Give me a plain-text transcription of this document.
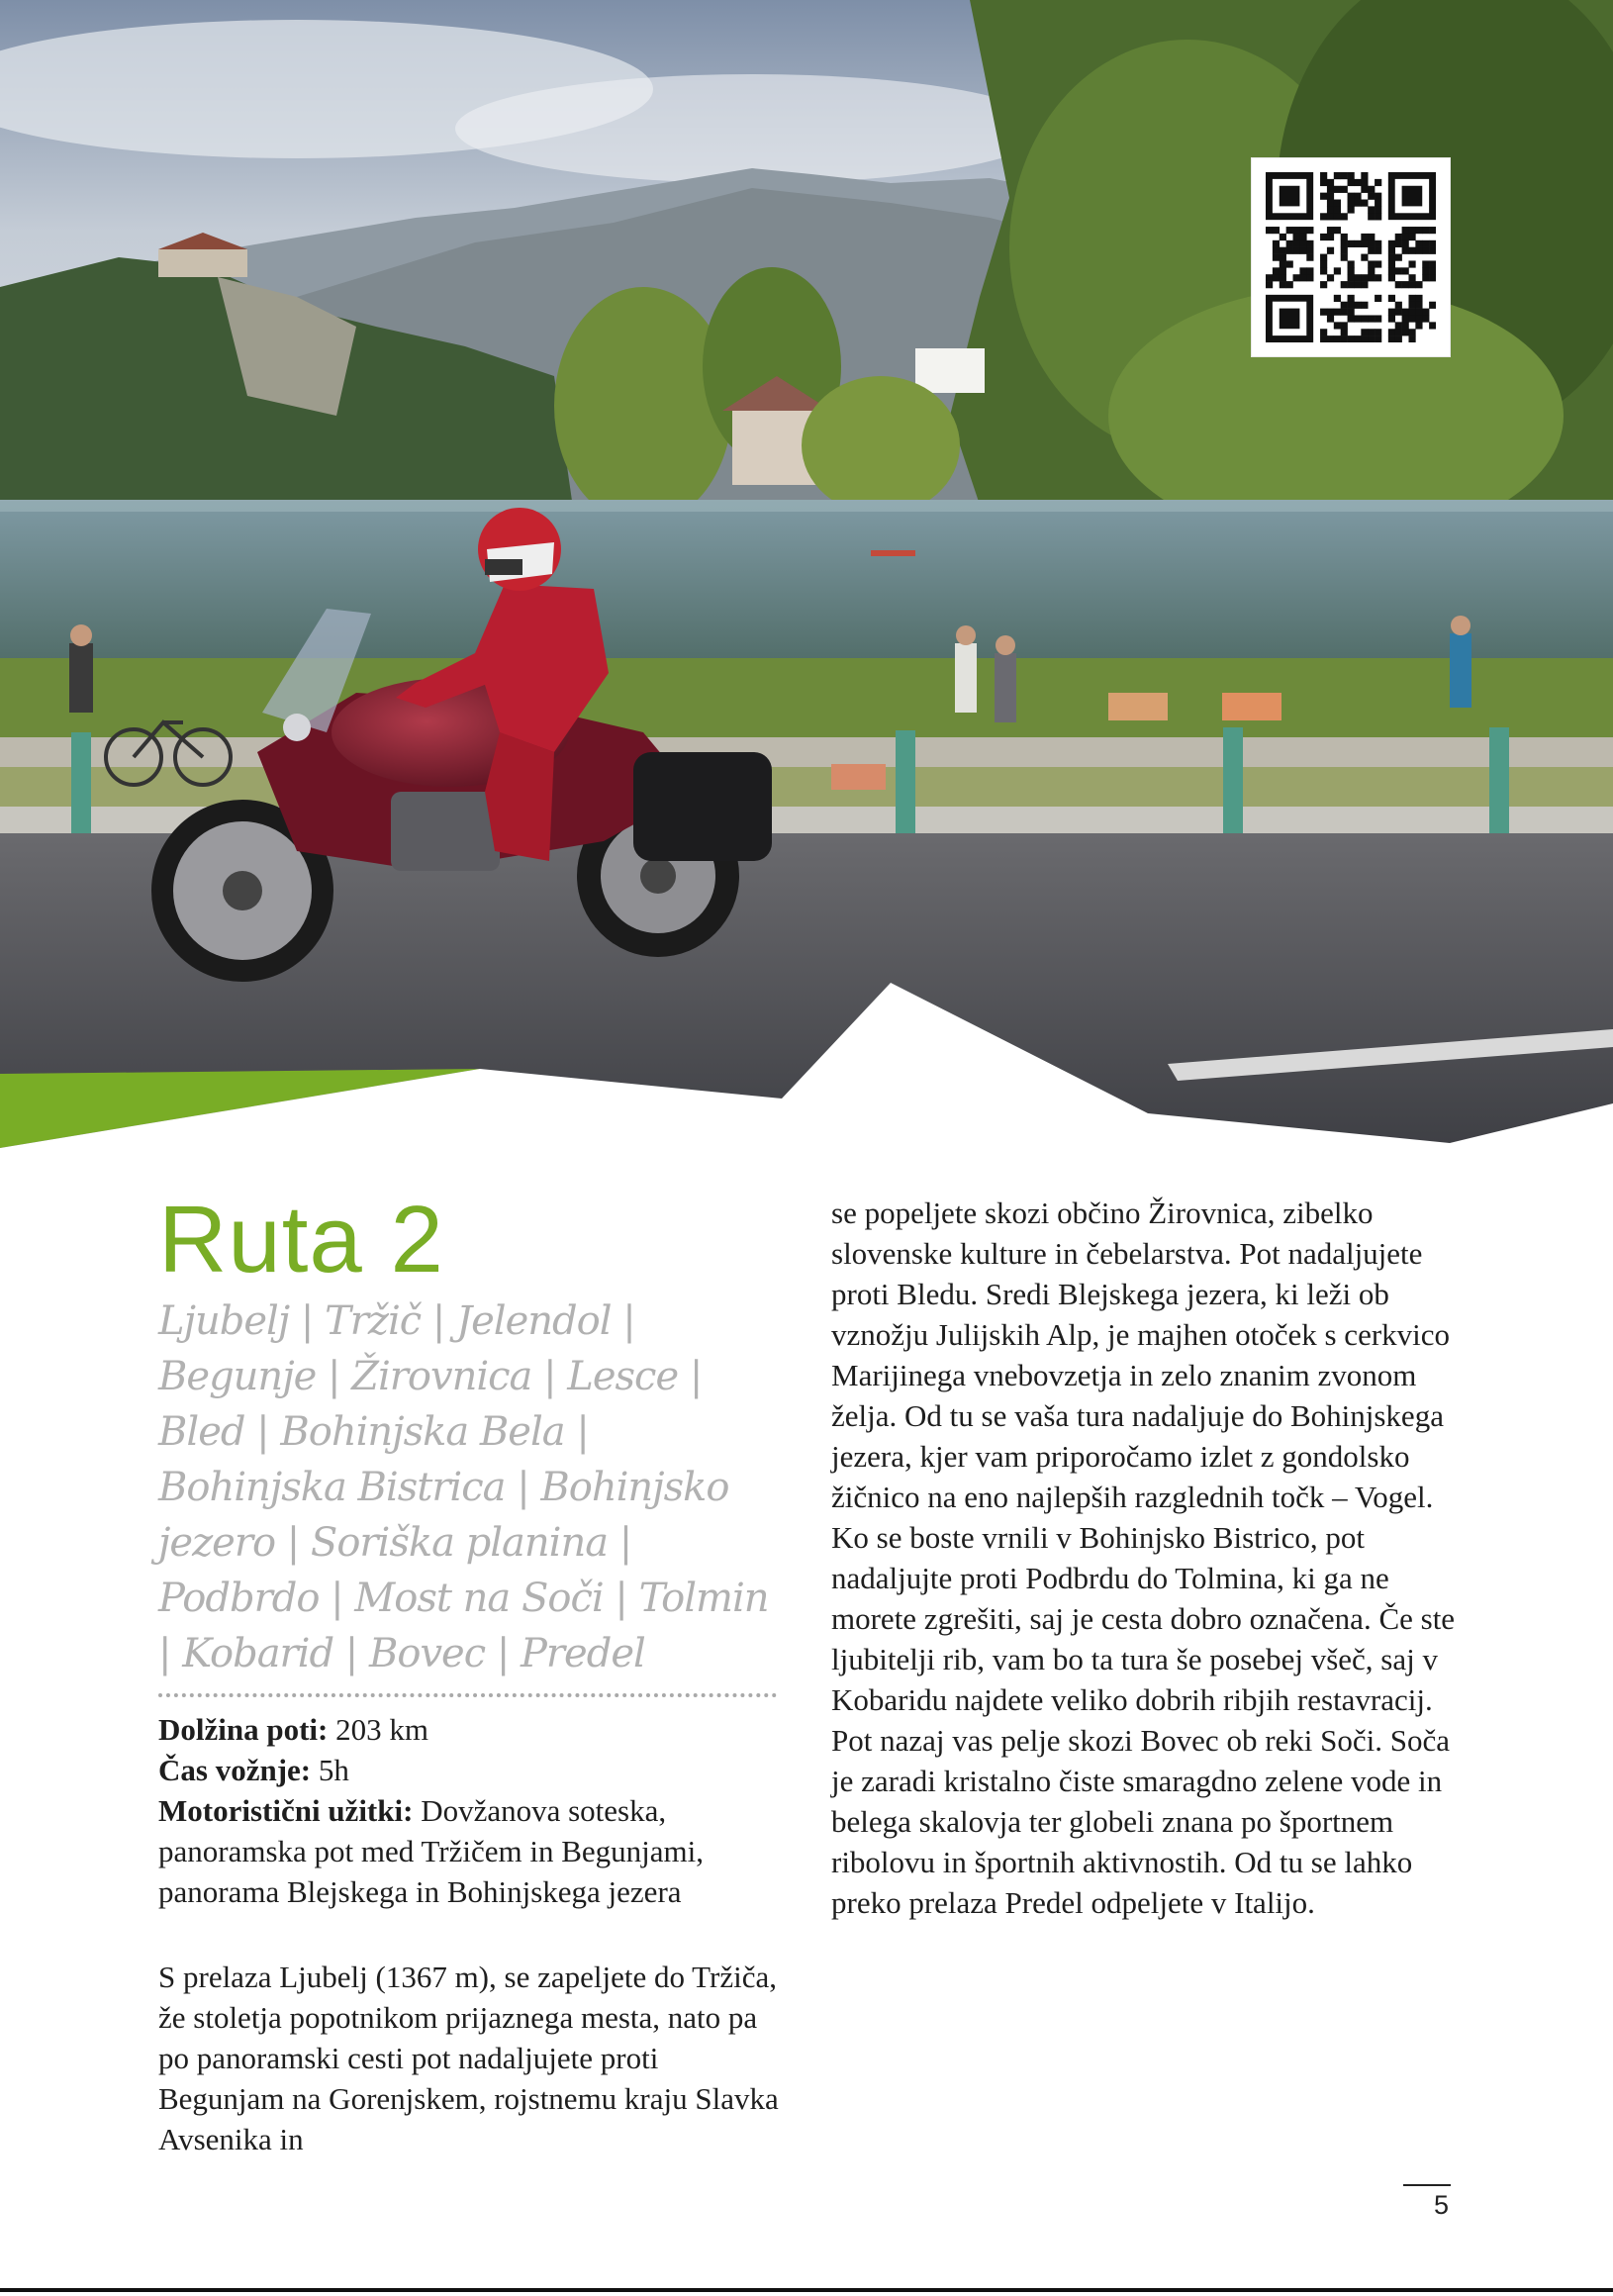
Ruta 2

Ljubelj | Tržič | Jelendol | Begunje | Žirovnica | Lesce | Bled | Bohinjska Bela | Bohinjska Bistrica | Bohinjsko jezero | Soriška planina | Podbrdo | Most na Soči | Tolmin | Kobarid | Bovec | Predel

Dolžina poti: 203 km

Čas vožnje: 5h

Motoristični užitki: Dovžanova soteska, panoramska pot med Tržičem in Begunjami, panorama Blejskega in Bohinjskega jezera

S prelaza Ljubelj (1367 m), se zapeljete do Tržiča, že stoletja popotnikom prijaznega mesta, nato pa po panoramski cesti pot nadaljujete proti Begunjam na Gorenjskem, rojstnemu kraju Slavka Avsenika in

se popeljete skozi občino Žirovnica, zibelko slovenske kulture in čebelarstva. Pot nadaljujete proti Bledu. Sredi Blejskega jezera, ki leži ob vznožju Julijskih Alp, je majhen otoček s cerkvico Marijinega vnebovzetja in zelo znanim zvonom želja. Od tu se vaša tura nadaljuje do Bohinjskega jezera, kjer vam priporočamo izlet z gondolsko žičnico na eno najlepših razglednih točk – Vogel. Ko se boste vrnili v Bohinjsko Bistrico, pot nadaljujte proti Podbrdu do Tolmina, ki ga ne morete zgrešiti, saj je cesta dobro označena. Če ste ljubitelji rib, vam bo ta tura še posebej všeč, saj v Kobaridu najdete veliko dobrih ribjih restavracij. Pot nazaj vas pelje skozi Bovec ob reki Soči. Soča je zaradi kristalno čiste smaragdno zelene vode in belega skalovja ter globeli znana po športnem ribolovu in športnih aktivnostih. Od tu se lahko preko prelaza Predel odpeljete v Italijo.

5
